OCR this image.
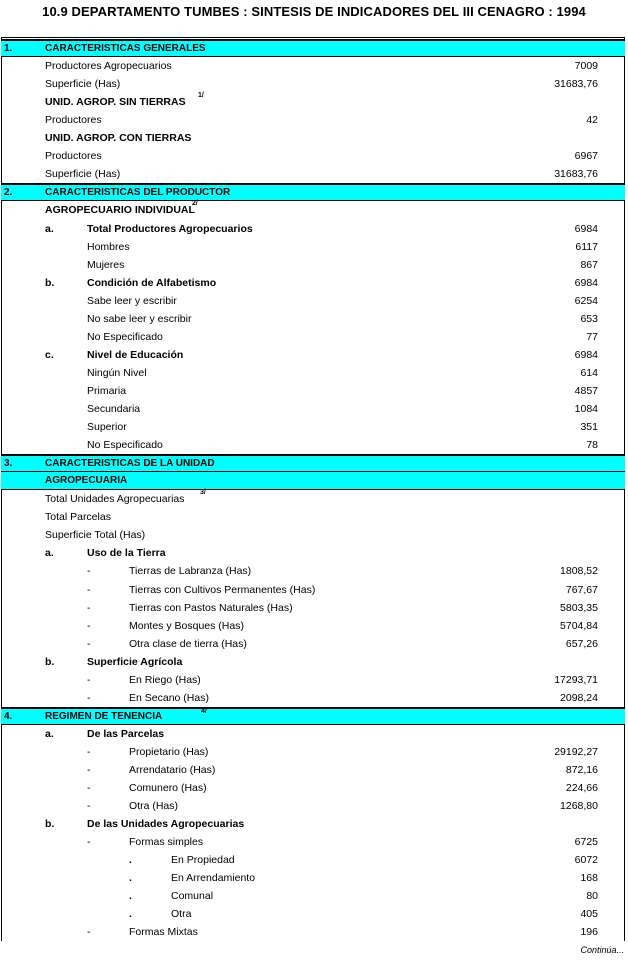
10.9 DEPARTAMENTO TUMBES : SINTESIS DE INDICADORES DEL III CENAGRO : 1994
1.	CARACTERISTICAS GENERALES
Productores Agropecuarios	7009
Superficie (Has)	31683,76
UNID. AGROP. SIN TIERRAS
1/
Productores	42
UNID. AGROP. CON TIERRAS
Productores	6967
Superficie (Has)	31683,76
2.	CARACTERISTICAS DEL PRODUCTOR
AGROPECUARIO INDIVIDUAL
2/
a.	Total Productores Agropecuarios	6984
Hombres	6117
Mujeres	867
b.	Condición de Alfabetismo	6984
Sabe leer y escribir	6254
No sabe leer y escribir	653
No Especificado	77
c.	Nivel de Educación	6984
Ningún Nivel	614
Primaria	4857
Secundaria	1084
Superior	351
No Especificado	78
3.	CARACTERISTICAS DE LA UNIDAD
AGROPECUARIA
Total Unidades Agropecuarias
3/
Total Parcelas
Superficie Total (Has)
a.	Uso de la Tierra
-	Tierras de Labranza (Has)	1808,52
-	Tierras con Cultivos Permanentes (Has)	767,67
-	Tierras con Pastos Naturales (Has)	5803,35
-	Montes y Bosques (Has)	5704,84
-	Otra clase de tierra (Has)	657,26
b.	Superficie Agrícola
-	En Riego (Has)	17293,71
-	En Secano (Has)	2098,24
4.	REGIMEN DE TENENCIA	4/
a.	De las Parcelas
-	Propietario (Has)	29192,27
-	Arrendatario (Has)	872,16
-	Comunero (Has)	224,66
-	Otra (Has)	1268,80
b.	De las Unidades Agropecuarias
-	Formas simples	6725
.	En Propiedad	6072
.	En Arrendamiento	168
.	Comunal	80
.	Otra	405
-	Formas Mixtas	196
Continúa...
